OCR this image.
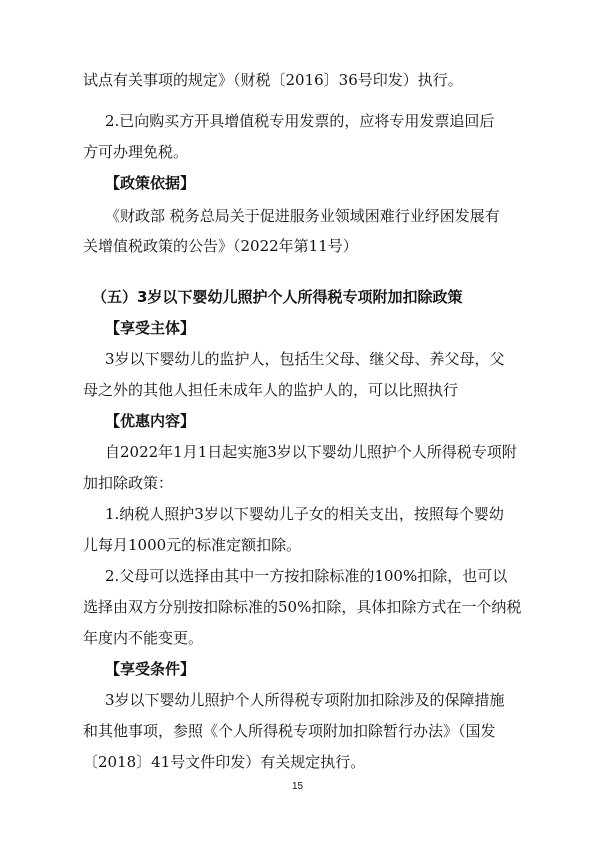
试点有关事项的规定》（财税〔2016〕36号印发）执行。
2.已向购买方开具增值税专用发票的，应将专用发票追回后
方可办理免税。
【政策依据】
《财政部 税务总局关于促进服务业领域困难行业纾困发展有
关增值税政策的公告》（2022年第11号）
（五）3岁以下婴幼儿照护个人所得税专项附加扣除政策
【享受主体】
3岁以下婴幼儿的监护人，包括生父母、继父母、养父母，父
母之外的其他人担任未成年人的监护人的，可以比照执行
【优惠内容】
自2022年1月1日起实施3岁以下婴幼儿照护个人所得税专项附
加扣除政策：
1.纳税人照护3岁以下婴幼儿子女的相关支出，按照每个婴幼
儿每月1000元的标准定额扣除。
2.父母可以选择由其中一方按扣除标准的100%扣除，也可以
选择由双方分别按扣除标准的50%扣除，具体扣除方式在一个纳税
年度内不能变更。
【享受条件】
3岁以下婴幼儿照护个人所得税专项附加扣除涉及的保障措施
和其他事项，参照《个人所得税专项附加扣除暂行办法》（国发
〔2018〕41号文件印发）有关规定执行。
15
